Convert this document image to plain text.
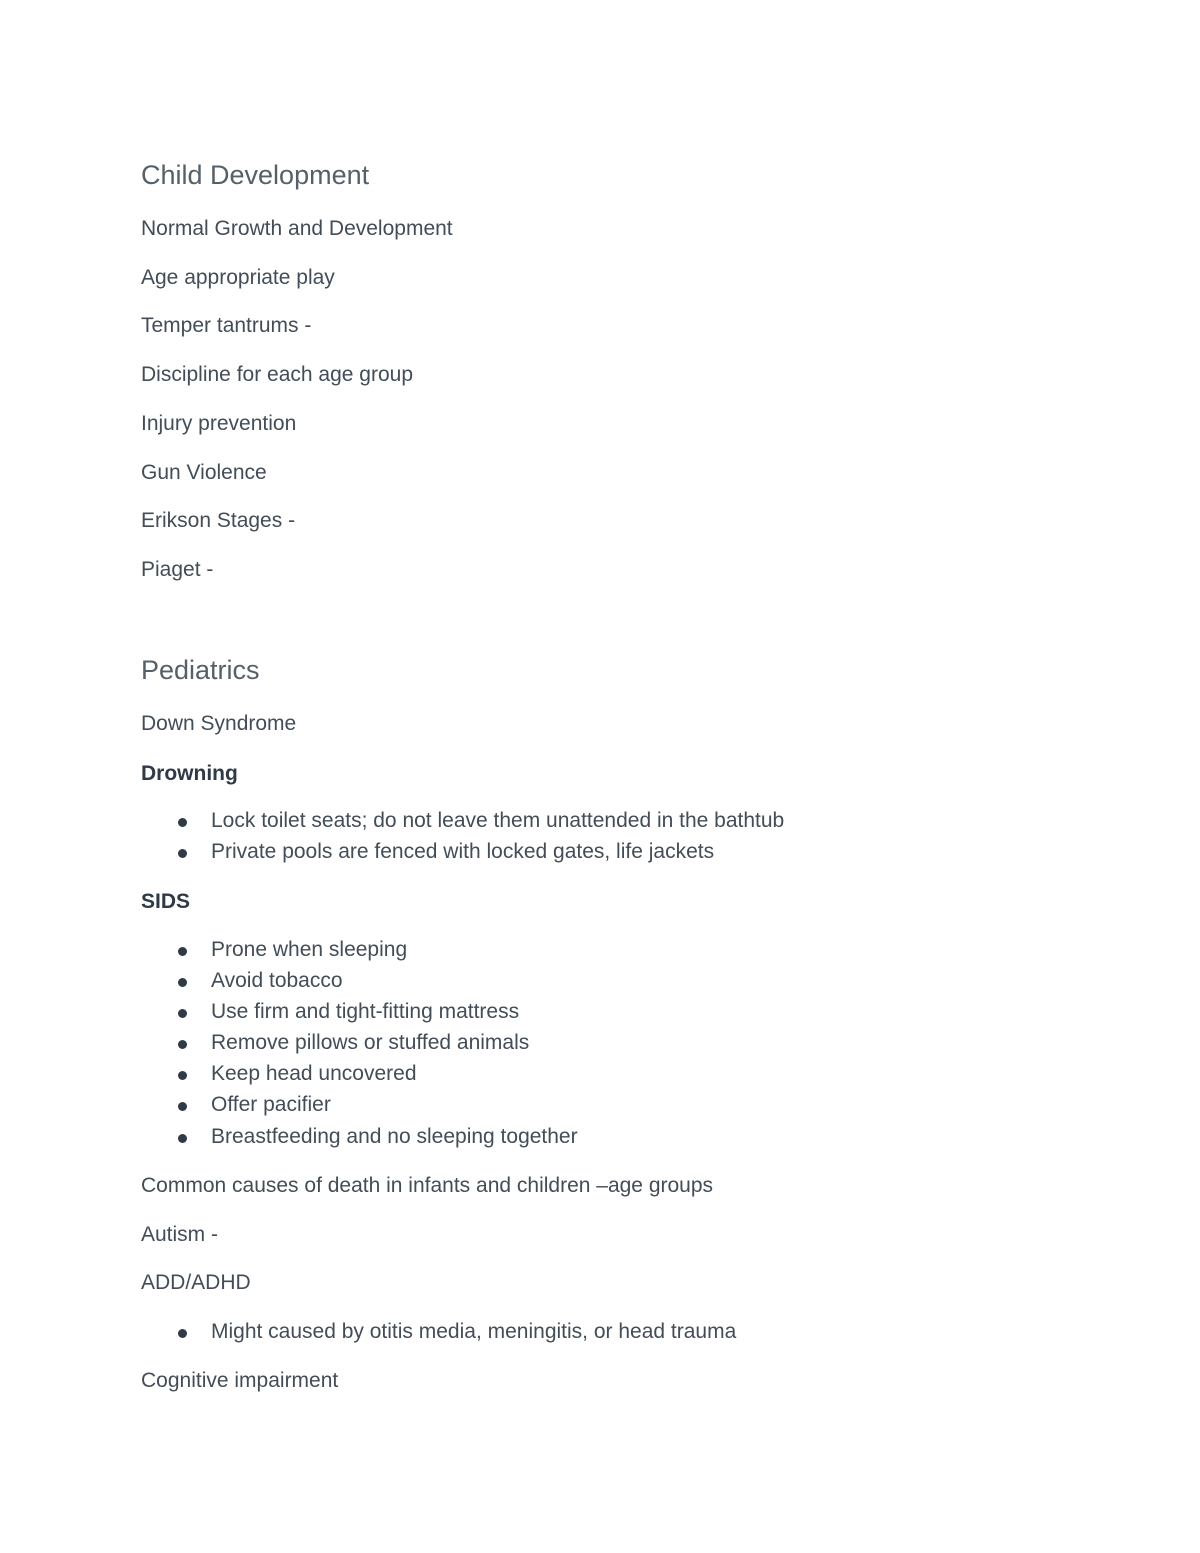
Child Development
Normal Growth and Development
Age appropriate play
Temper tantrums -
Discipline for each age group
Injury prevention
Gun Violence
Erikson Stages -
Piaget -
Pediatrics
Down Syndrome
Drowning
Lock toilet seats; do not leave them unattended in the bathtub
Private pools are fenced with locked gates, life jackets
SIDS
Prone when sleeping
Avoid tobacco
Use firm and tight-fitting mattress
Remove pillows or stuffed animals
Keep head uncovered
Offer pacifier
Breastfeeding and no sleeping together
Common causes of death in infants and children –age groups
Autism -
ADD/ADHD
Might caused by otitis media, meningitis, or head trauma
Cognitive impairment
